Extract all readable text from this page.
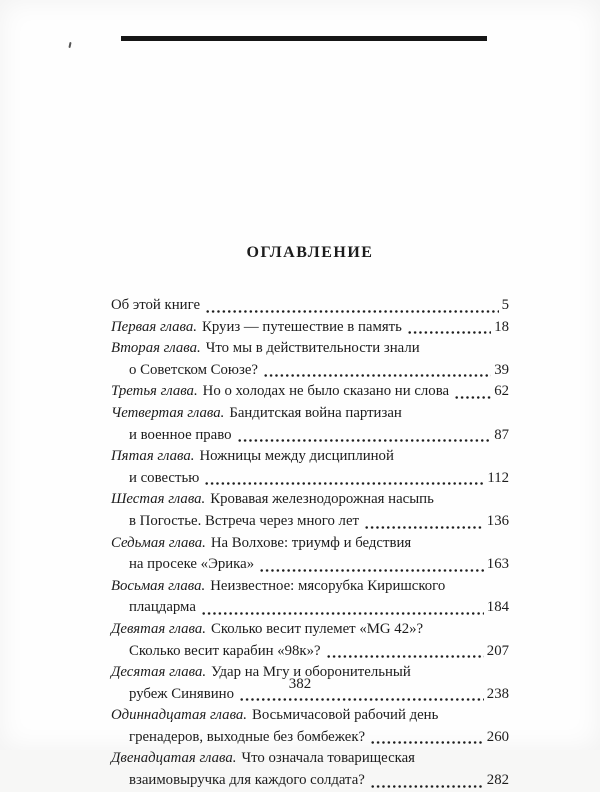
ОГЛАВЛЕНИЕ
Об этой книге	5
Первая глава. Круиз — путешествие в память	18
Вторая глава. Что мы в действительности знали
о Советском Союзе?	39
Третья глава. Но о холодах не было сказано ни слова	62
Четвертая глава. Бандитская война партизан
и военное право	87
Пятая глава. Ножницы между дисциплиной
и совестью	112
Шестая глава. Кровавая железнодорожная насыпь
в Погостье. Встреча через много лет	136
Седьмая глава. На Волхове: триумф и бедствия
на просеке «Эрика»	163
Восьмая глава. Неизвестное: мясорубка Киришского
плацдарма	184
Девятая глава. Сколько весит пулемет «MG 42»?
Сколько весит карабин «98к»?	207
Десятая глава. Удар на Мгу и оборонительный
рубеж Синявино	238
Одиннадцатая глава. Восьмичасовой рабочий день
гренадеров, выходные без бомбежек?	260
Двенадцатая глава. Что означала товарищеская
взаимовыручка для каждого солдата?	282
382
